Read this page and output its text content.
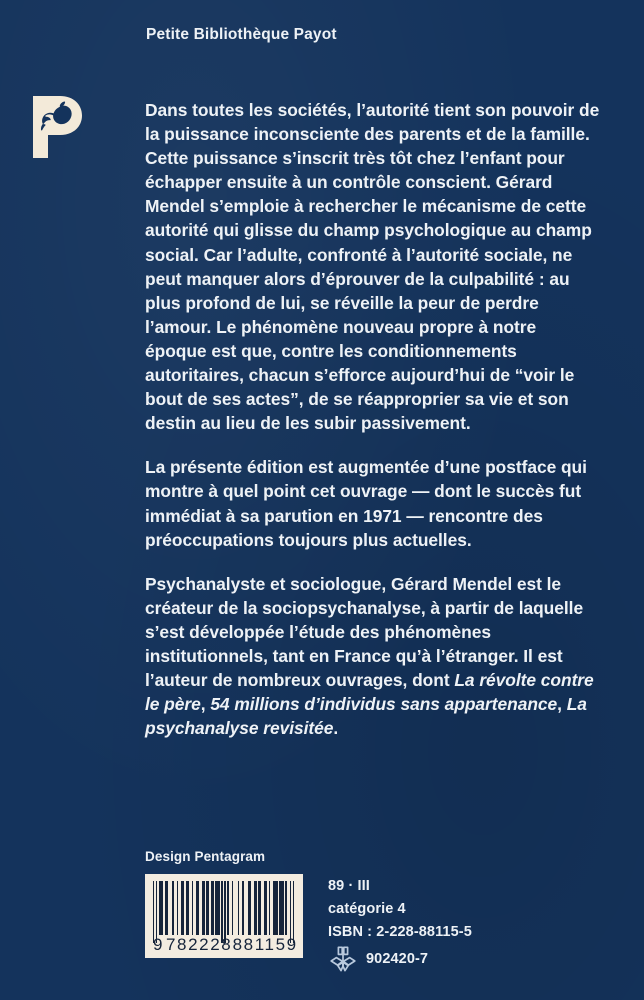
Petite Bibliothèque Payot

Dans toutes les sociétés, l’autorité tient son pouvoir de la puissance inconsciente des parents et de la famille. Cette puissance s’inscrit très tôt chez l’enfant pour échapper ensuite à un contrôle conscient. Gérard Mendel s’emploie à rechercher le mécanisme de cette autorité qui glisse du champ psychologique au champ social. Car l’adulte, confronté à l’autorité sociale, ne peut manquer alors d’éprouver de la culpabilité : au plus profond de lui, se réveille la peur de perdre l’amour. Le phénomène nouveau propre à notre époque est que, contre les conditionnements autoritaires, chacun s’efforce aujourd’hui de “voir le bout de ses actes”, de se réapproprier sa vie et son destin au lieu de les subir passivement.

La présente édition est augmentée d’une postface qui montre à quel point cet ouvrage — dont le succès fut immédiat à sa parution en 1971 — rencontre des préoccupations toujours plus actuelles.

Psychanalyste et sociologue, Gérard Mendel est le créateur de la sociopsychanalyse, à partir de laquelle s’est développée l’étude des phénomènes institutionnels, tant en France qu’à l’étranger. Il est l’auteur de nombreux ouvrages, dont La révolte contre le père, 54 millions d’individus sans appartenance, La psychanalyse revisitée.

Design Pentagram
9 782228 881159
89 · III
catégorie 4
ISBN : 2-228-88115-5
902420-7
